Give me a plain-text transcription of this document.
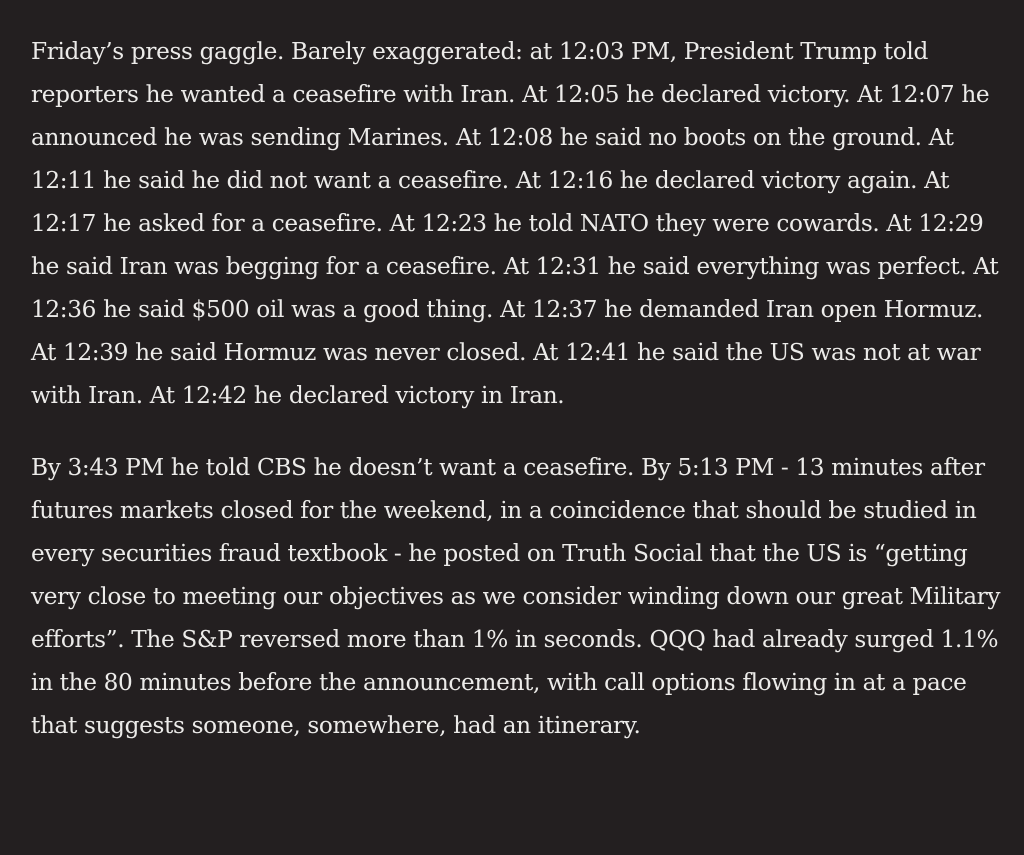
Friday’s press gaggle. Barely exaggerated: at 12:03 PM, President Trump told reporters he wanted a ceasefire with Iran. At 12:05 he declared victory. At 12:07 he announced he was sending Marines. At 12:08 he said no boots on the ground. At 12:11 he said he did not want a ceasefire. At 12:16 he declared victory again. At 12:17 he asked for a ceasefire. At 12:23 he told NATO they were cowards. At 12:29 he said Iran was begging for a ceasefire. At 12:31 he said everything was perfect. At 12:36 he said $500 oil was a good thing. At 12:37 he demanded Iran open Hormuz. At 12:39 he said Hormuz was never closed. At 12:41 he said the US was not at war with Iran. At 12:42 he declared victory in Iran.

By 3:43 PM he told CBS he doesn’t want a ceasefire. By 5:13 PM - 13 minutes after futures markets closed for the weekend, in a coincidence that should be studied in every securities fraud textbook - he posted on Truth Social that the US is “getting very close to meeting our objectives as we consider winding down our great Military efforts”. The S&P reversed more than 1% in seconds. QQQ had already surged 1.1% in the 80 minutes before the announcement, with call options flowing in at a pace that suggests someone, somewhere, had an itinerary.
